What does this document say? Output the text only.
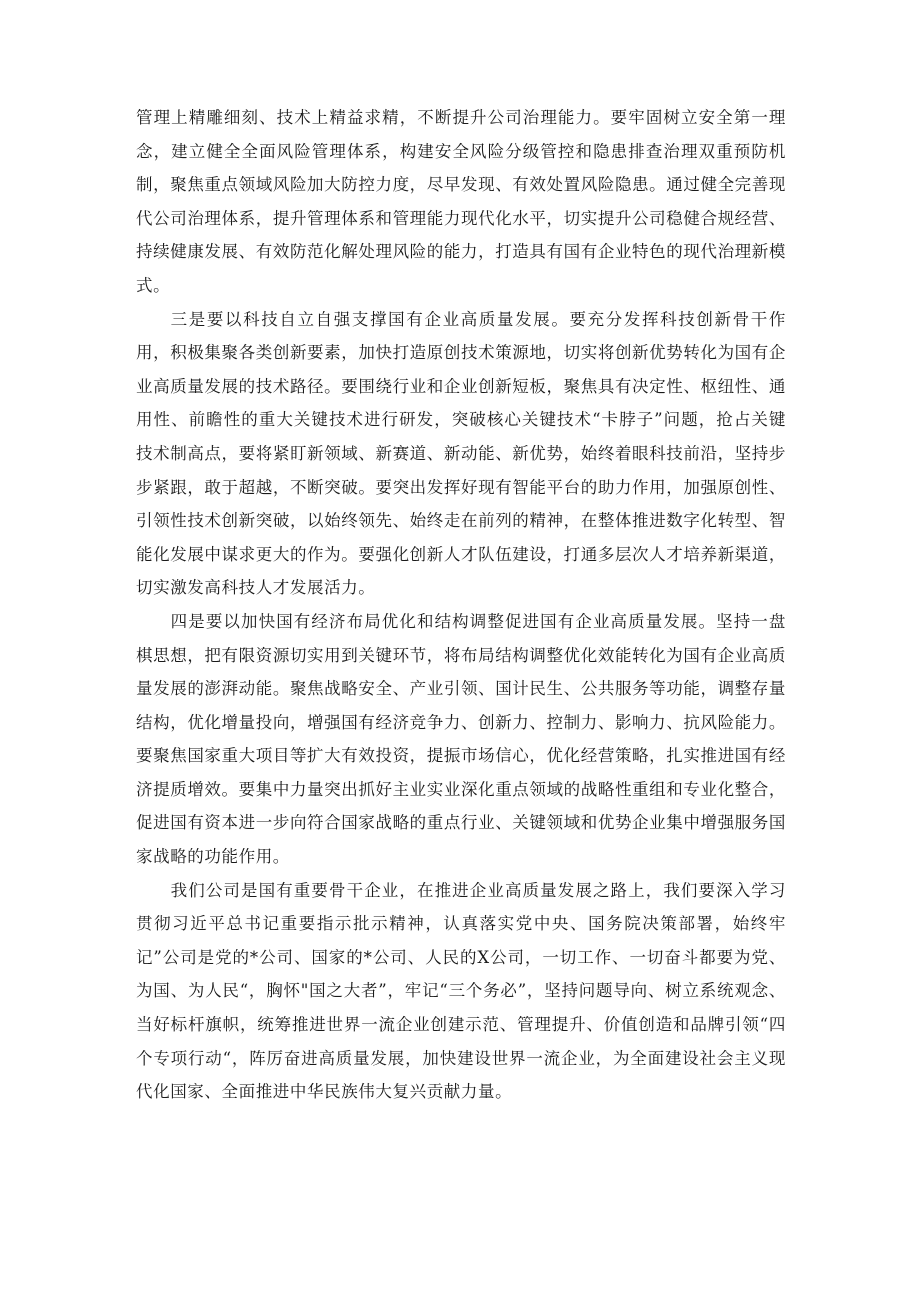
管理上精雕细刻、技术上精益求精，不断提升公司治理能力。要牢固树立安全第一理念，建立健全全面风险管理体系，构建安全风险分级管控和隐患排查治理双重预防机制，聚焦重点领域风险加大防控力度，尽早发现、有效处置风险隐患。通过健全完善现代公司治理体系，提升管理体系和管理能力现代化水平，切实提升公司稳健合规经营、持续健康发展、有效防范化解处理风险的能力，打造具有国有企业特色的现代治理新模式。

三是要以科技自立自强支撑国有企业高质量发展。要充分发挥科技创新骨干作用，积极集聚各类创新要素，加快打造原创技术策源地，切实将创新优势转化为国有企业高质量发展的技术路径。要围绕行业和企业创新短板，聚焦具有决定性、枢纽性、通用性、前瞻性的重大关键技术进行研发，突破核心关键技术“卡脖子”问题，抢占关键技术制高点，要将紧盯新领域、新赛道、新动能、新优势，始终着眼科技前沿，坚持步步紧跟，敢于超越，不断突破。要突出发挥好现有智能平台的助力作用，加强原创性、引领性技术创新突破，以始终领先、始终走在前列的精神，在整体推进数字化转型、智能化发展中谋求更大的作为。要强化创新人才队伍建设，打通多层次人才培养新渠道，切实激发高科技人才发展活力。

四是要以加快国有经济布局优化和结构调整促进国有企业高质量发展。坚持一盘棋思想，把有限资源切实用到关键环节，将布局结构调整优化效能转化为国有企业高质量发展的澎湃动能。聚焦战略安全、产业引领、国计民生、公共服务等功能，调整存量结构，优化增量投向，增强国有经济竞争力、创新力、控制力、影响力、抗风险能力。要聚焦国家重大项目等扩大有效投资，提振市场信心，优化经营策略，扎实推进国有经济提质增效。要集中力量突出抓好主业实业深化重点领域的战略性重组和专业化整合，促进国有资本进一步向符合国家战略的重点行业、关键领域和优势企业集中增强服务国家战略的功能作用。

我们公司是国有重要骨干企业，在推进企业高质量发展之路上，我们要深入学习贯彻习近平总书记重要指示批示精神，认真落实党中央、国务院决策部署，始终牢记”公司是党的*公司、国家的*公司、人民的X公司，一切工作、一切奋斗都要为党、为国、为人民“，胸怀"国之大者”，牢记“三个务必”，坚持问题导向、树立系统观念、当好标杆旗帜，统筹推进世界一流企业创建示范、管理提升、价值创造和品牌引领“四个专项行动“，阵厉奋进高质量发展，加快建设世界一流企业，为全面建设社会主义现代化国家、全面推进中华民族伟大复兴贡献力量。
